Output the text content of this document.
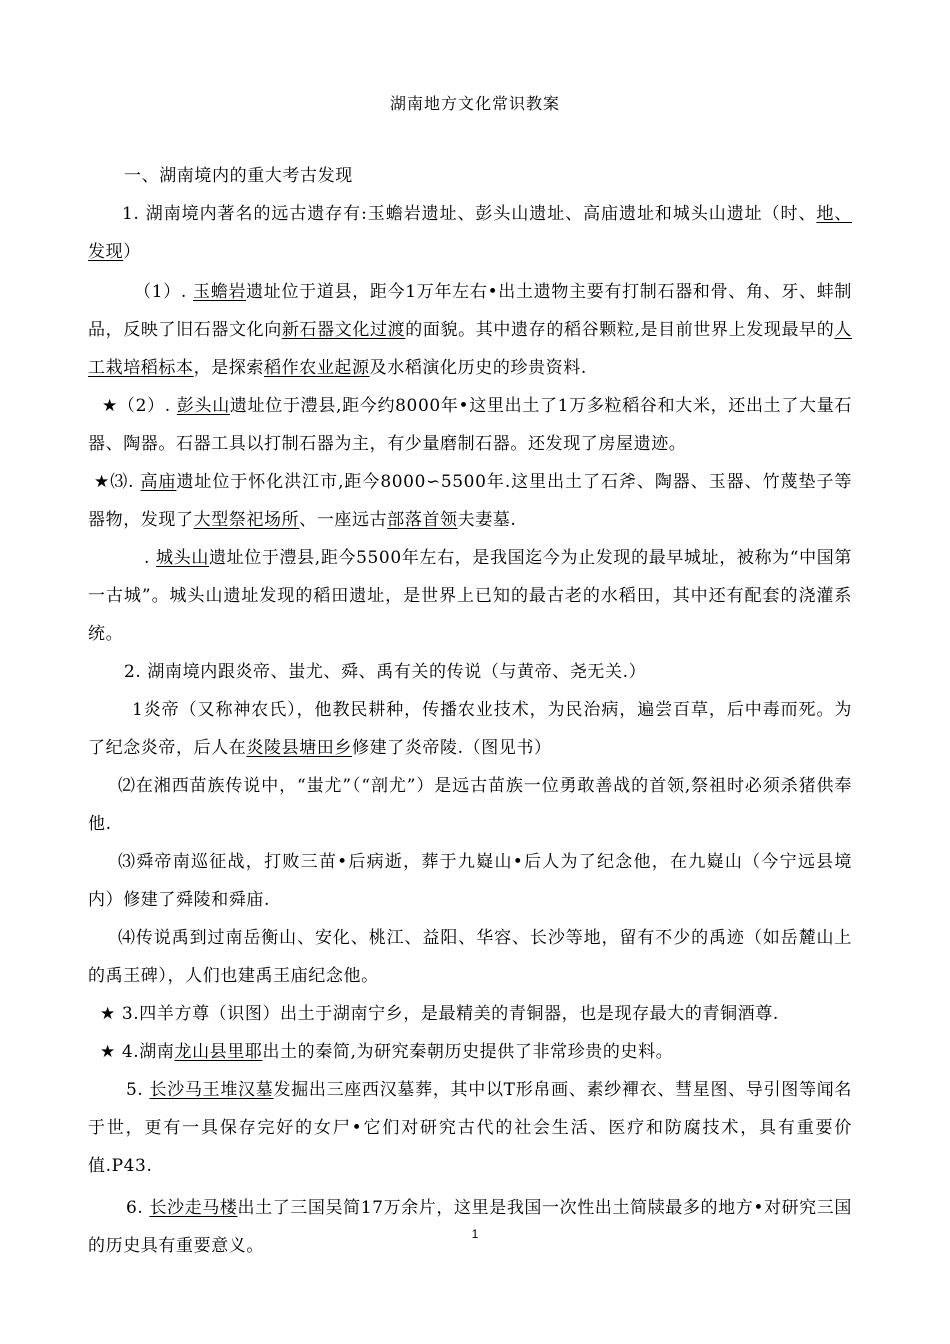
湖南地方文化常识教案

一、湖南境内的重大考古发现

1. 湖南境内著名的远古遗存有:玉蟾岩遗址、彭头山遗址、高庙遗址和城头山遗址（时、地、发现）

（1）. 玉蟾岩遗址位于道县，距今1万年左右•出土遗物主要有打制石器和骨、角、牙、蚌制品，反映了旧石器文化向新石器文化过渡的面貌。其中遗存的稻谷颗粒,是目前世界上发现最早的人工栽培稻标本，是探索稻作农业起源及水稻演化历史的珍贵资料.

★（2）. 彭头山遗址位于澧县,距今约8000年•这里出土了1万多粒稻谷和大米，还出土了大量石器、陶器。石器工具以打制石器为主，有少量磨制石器。还发现了房屋遗迹。

★⑶. 高庙遗址位于怀化洪江市,距今8000∽5500年.这里出土了石斧、陶器、玉器、竹蔑垫子等器物，发现了大型祭祀场所、一座远古部落首领夫妻墓.

. 城头山遗址位于澧县,距今5500年左右，是我国迄今为止发现的最早城址，被称为“中国第一古城”。城头山遗址发现的稻田遗址，是世界上已知的最古老的水稻田，其中还有配套的浇灌系统。

2. 湖南境内跟炎帝、蚩尤、舜、禹有关的传说（与黄帝、尧无关.）

1炎帝（又称神农氏），他教民耕种，传播农业技术，为民治病，遍尝百草，后中毒而死。为了纪念炎帝，后人在炎陵县塘田乡修建了炎帝陵.（图见书）

⑵在湘西苗族传说中，“蚩尤”（“剖尤”）是远古苗族一位勇敢善战的首领,祭祖时必须杀猪供奉他.

⑶舜帝南巡征战，打败三苗•后病逝，葬于九嶷山•后人为了纪念他，在九嶷山（今宁远县境内）修建了舜陵和舜庙.

⑷传说禹到过南岳衡山、安化、桃江、益阳、华容、长沙等地，留有不少的禹迹（如岳麓山上的禹王碑），人们也建禹王庙纪念他。

★ 3.四羊方尊（识图）出土于湖南宁乡，是最精美的青铜器，也是现存最大的青铜酒尊.

★ 4.湖南龙山县里耶出土的秦简,为研究秦朝历史提供了非常珍贵的史料。

5. 长沙马王堆汉墓发掘出三座西汉墓葬，其中以T形帛画、素纱襌衣、彗星图、导引图等闻名于世，更有一具保存完好的女尸•它们对研究古代的社会生活、医疗和防腐技术，具有重要价值.P43.

6. 长沙走马楼出土了三国吴简17万余片，这里是我国一次性出土简牍最多的地方•对研究三国的历史具有重要意义。

1
